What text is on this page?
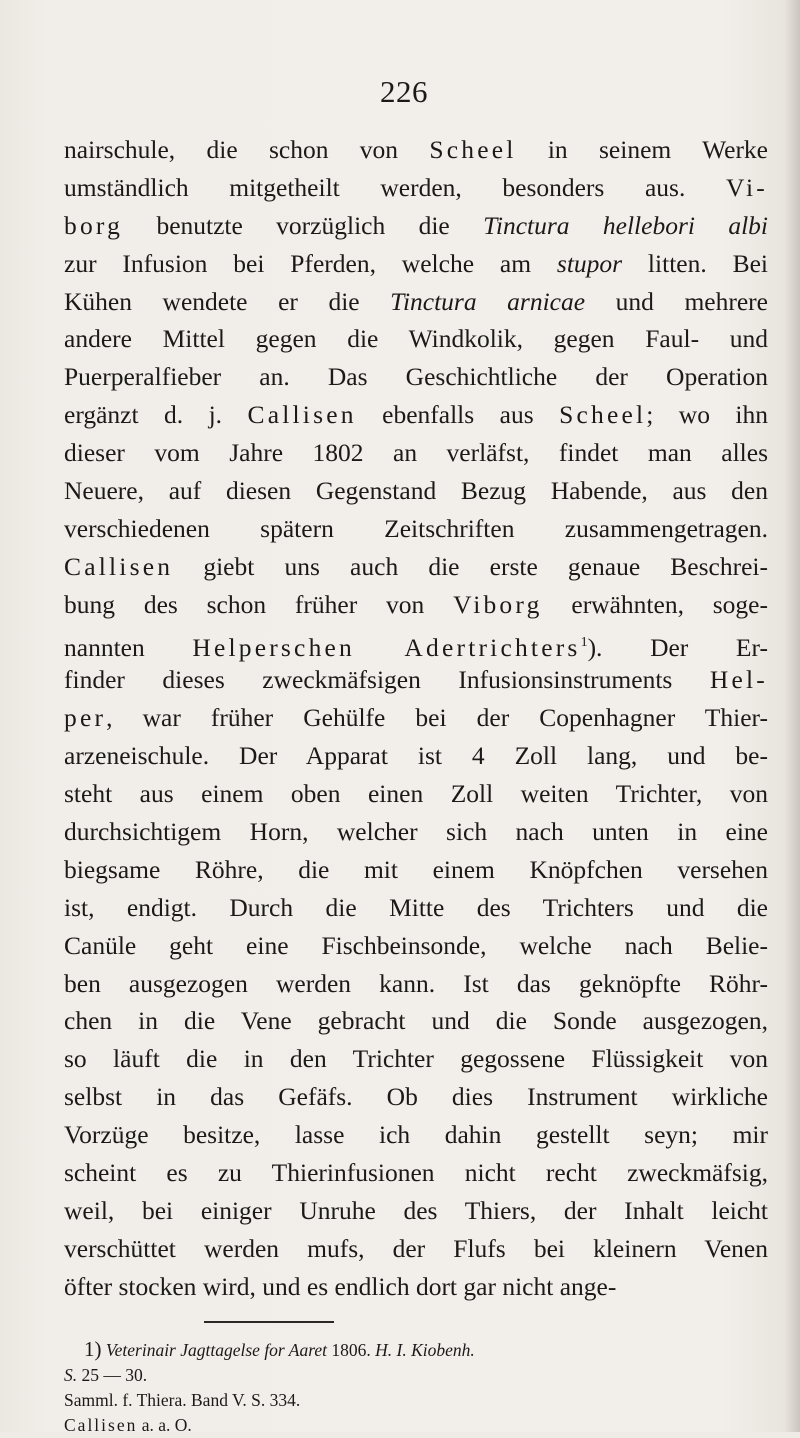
226
nairschule, die schon von Scheel in seinem Werke
umständlich mitgetheilt werden, besonders aus. Vi-
borg benutzte vorzüglich die Tinctura hellebori albi
zur Infusion bei Pferden, welche am stupor litten. Bei
Kühen wendete er die Tinctura arnicae und mehrere
andere Mittel gegen die Windkolik, gegen Faul- und
Puerperalfieber an. Das Geschichtliche der Operation
ergänzt d. j. Callisen ebenfalls aus Scheel; wo ihn
dieser vom Jahre 1802 an verläfst, findet man alles
Neuere, auf diesen Gegenstand Bezug Habende, aus den
verschiedenen spätern Zeitschriften zusammengetragen.
Callisen giebt uns auch die erste genaue Beschrei-
bung des schon früher von Viborg erwähnten, soge-
nannten Helperschen Adertrichters$^1$). Der Er-
finder dieses zweckmäfsigen Infusionsinstruments Hel-
per, war früher Gehülfe bei der Copenhagner Thier-
arzeneischule. Der Apparat ist 4 Zoll lang, und be-
steht aus einem oben einen Zoll weiten Trichter, von
durchsichtigem Horn, welcher sich nach unten in eine
biegsame Röhre, die mit einem Knöpfchen versehen
ist, endigt. Durch die Mitte des Trichters und die
Canüle geht eine Fischbeinsonde, welche nach Belie-
ben ausgezogen werden kann. Ist das geknöpfte Röhr-
chen in die Vene gebracht und die Sonde ausgezogen,
so läuft die in den Trichter gegossene Flüssigkeit von
selbst in das Gefäfs. Ob dies Instrument wirkliche
Vorzüge besitze, lasse ich dahin gestellt seyn; mir
scheint es zu Thierinfusionen nicht recht zweckmäfsig,
weil, bei einiger Unruhe des Thiers, der Inhalt leicht
verschüttet werden mufs, der Flufs bei kleinern Venen
öfter stocken wird, und es endlich dort gar nicht ange-
1) Veterinair Jagttagelse for Aaret 1806. H. I. Kiobenh.
S. 25 — 30.
Samml. f. Thiera. Band V. S. 334.
Callisen a. a. O.
